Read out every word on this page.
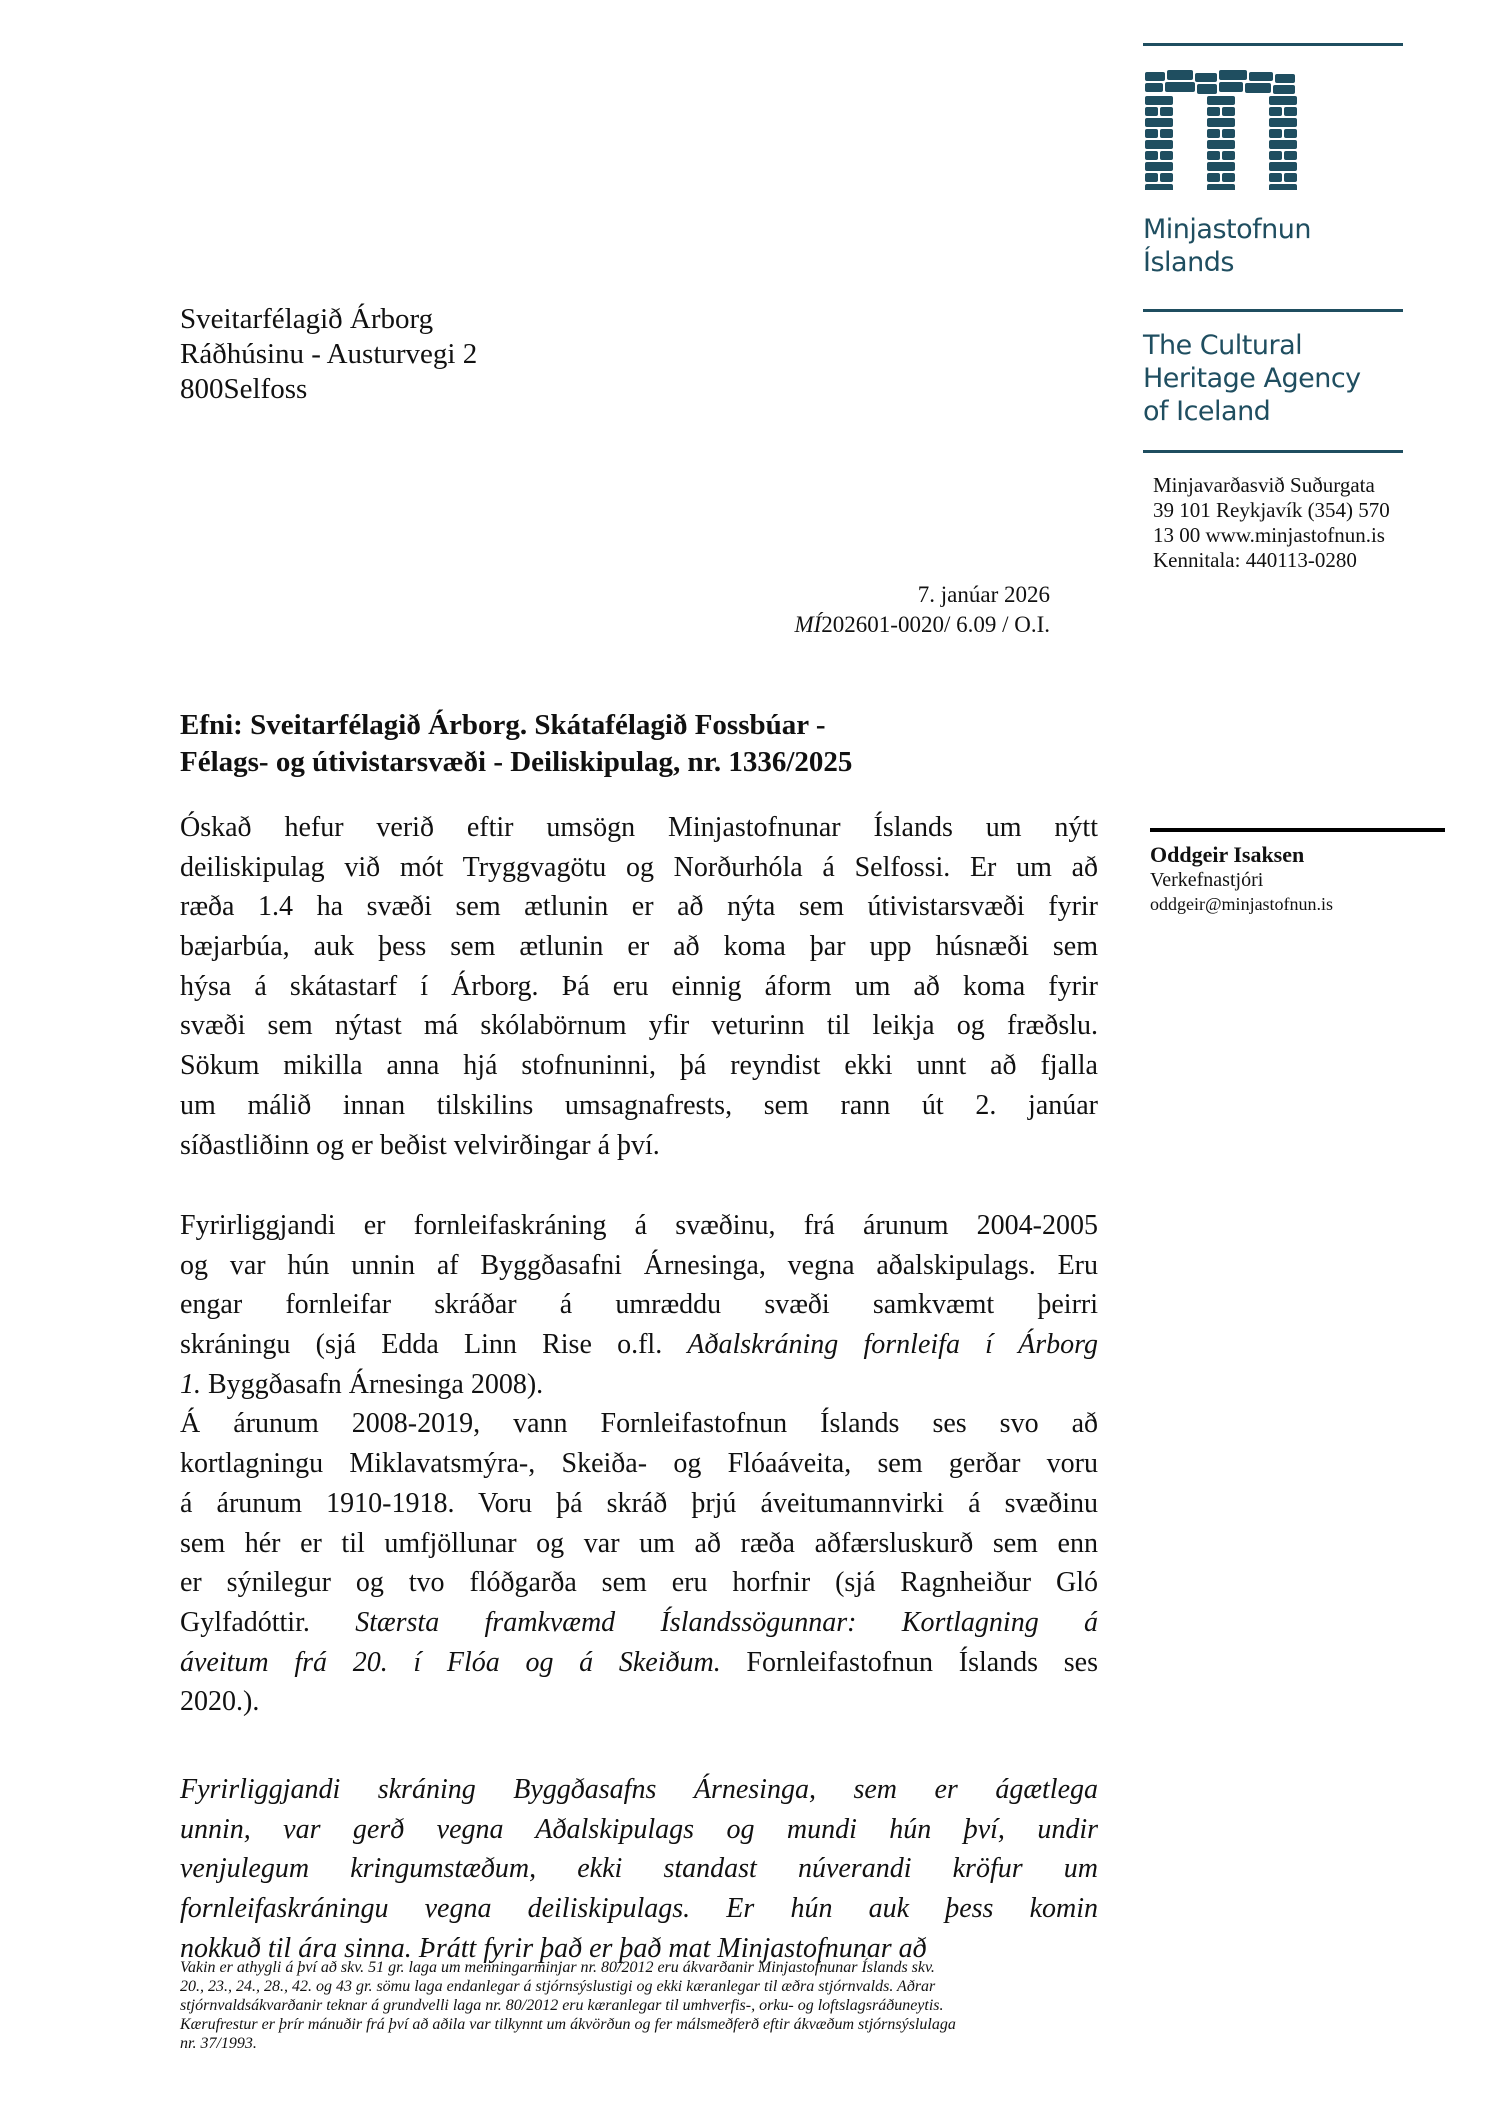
Minjastofnun
Íslands
The Cultural
Heritage Agency
of Iceland
Minjavarðasvið Suðurgata
39 101 Reykjavík (354) 570
13 00 www.minjastofnun.is
Kennitala: 440113-0280
Sveitarfélagið Árborg
Ráðhúsinu - Austurvegi 2
800Selfoss
7. janúar 2026
MÍ202601-0020/ 6.09 / O.I.
Efni: Sveitarfélagið Árborg. Skátafélagið Fossbúar -
Félags- og útivistarsvæði - Deiliskipulag, nr. 1336/2025
Oddgeir Isaksen
Verkefnastjóri
oddgeir@minjastofnun.is
Óskað hefur verið eftir umsögn Minjastofnunar Íslands um nýtt
deiliskipulag við mót Tryggvagötu og Norðurhóla á Selfossi. Er um að
ræða 1.4 ha svæði sem ætlunin er að nýta sem útivistarsvæði fyrir
bæjarbúa, auk þess sem ætlunin er að koma þar upp húsnæði sem
hýsa á skátastarf í Árborg. Þá eru einnig áform um að koma fyrir
svæði sem nýtast má skólabörnum yfir veturinn til leikja og fræðslu.
Sökum mikilla anna hjá stofnuninni, þá reyndist ekki unnt að fjalla
um málið innan tilskilins umsagnafrests, sem rann út 2. janúar
síðastliðinn og er beðist velvirðingar á því.
Fyrirliggjandi er fornleifaskráning á svæðinu, frá árunum 2004-2005
og var hún unnin af Byggðasafni Árnesinga, vegna aðalskipulags. Eru
engar fornleifar skráðar á umræddu svæði samkvæmt þeirri
skráningu (sjá Edda Linn Rise o.fl. Aðalskráning fornleifa í Árborg
1. Byggðasafn Árnesinga 2008).
Á árunum 2008-2019, vann Fornleifastofnun Íslands ses svo að
kortlagningu Miklavatsmýra-, Skeiða- og Flóaáveita, sem gerðar voru
á árunum 1910-1918. Voru þá skráð þrjú áveitumannvirki á svæðinu
sem hér er til umfjöllunar og var um að ræða aðfærsluskurð sem enn
er sýnilegur og tvo flóðgarða sem eru horfnir (sjá Ragnheiður Gló
Gylfadóttir. Stærsta framkvæmd Íslandssögunnar: Kortlagning á
áveitum frá 20. í Flóa og á Skeiðum. Fornleifastofnun Íslands ses
2020.).
Fyrirliggjandi skráning Byggðasafns Árnesinga, sem er ágætlega
unnin, var gerð vegna Aðalskipulags og mundi hún því, undir
venjulegum kringumstæðum, ekki standast núverandi kröfur um
fornleifaskráningu vegna deiliskipulags. Er hún auk þess komin
nokkuð til ára sinna. Þrátt fyrir það er það mat Minjastofnunar að
Vakin er athygli á því að skv. 51 gr. laga um menningarminjar nr. 80/2012 eru ákvarðanir Minjastofnunar Íslands skv.
20., 23., 24., 28., 42. og 43 gr. sömu laga endanlegar á stjórnsýslustigi og ekki kæranlegar til æðra stjórnvalds. Aðrar
stjórnvaldsákvarðanir teknar á grundvelli laga nr. 80/2012 eru kæranlegar til umhverfis-, orku- og loftslagsráðuneytis.
Kærufrestur er þrír mánuðir frá því að aðila var tilkynnt um ákvörðun og fer málsmeðferð eftir ákvæðum stjórnsýslulaga
nr. 37/1993.
